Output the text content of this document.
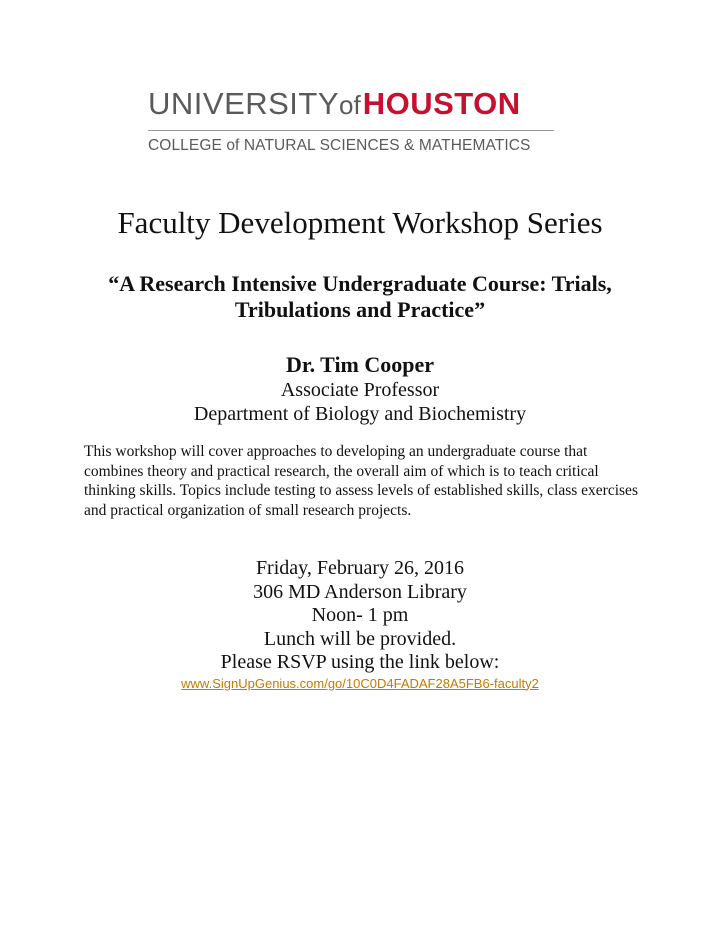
UNIVERSITYofHOUSTON
COLLEGE of NATURAL SCIENCES & MATHEMATICS
Faculty Development Workshop Series
“A Research Intensive Undergraduate Course: Trials, Tribulations and Practice”
Dr. Tim Cooper
Associate Professor
Department of Biology and Biochemistry
This workshop will cover approaches to developing an undergraduate course that combines theory and practical research, the overall aim of which is to teach critical thinking skills. Topics include testing to assess levels of established skills, class exercises and practical organization of small research projects.
Friday, February 26, 2016
306 MD Anderson Library
Noon- 1 pm
Lunch will be provided.
Please RSVP using the link below:
www.SignUpGenius.com/go/10C0D4FADAF28A5FB6-faculty2
